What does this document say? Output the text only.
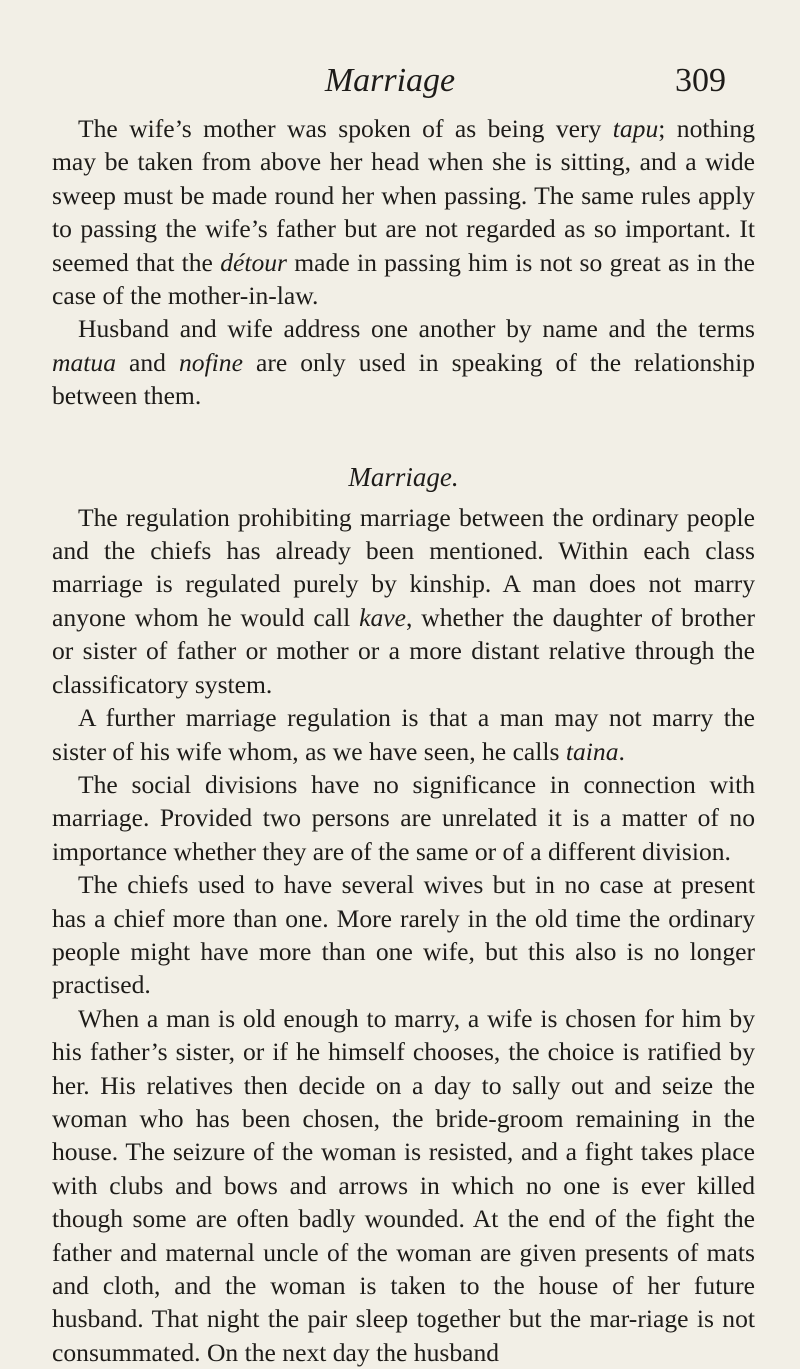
Marriage	309

The wife’s mother was spoken of as being very tapu; nothing may be taken from above her head when she is sitting, and a wide sweep must be made round her when passing. The same rules apply to passing the wife’s father but are not regarded as so important. It seemed that the détour made in passing him is not so great as in the case of the mother-in-law.

Husband and wife address one another by name and the terms matua and nofine are only used in speaking of the relationship between them.

Marriage.

The regulation prohibiting marriage between the ordinary people and the chiefs has already been mentioned. Within each class marriage is regulated purely by kinship. A man does not marry anyone whom he would call kave, whether the daughter of brother or sister of father or mother or a more distant relative through the classificatory system.

A further marriage regulation is that a man may not marry the sister of his wife whom, as we have seen, he calls taina.

The social divisions have no significance in connection with marriage. Provided two persons are unrelated it is a matter of no importance whether they are of the same or of a different division.

The chiefs used to have several wives but in no case at present has a chief more than one. More rarely in the old time the ordinary people might have more than one wife, but this also is no longer practised.

When a man is old enough to marry, a wife is chosen for him by his father’s sister, or if he himself chooses, the choice is ratified by her. His relatives then decide on a day to sally out and seize the woman who has been chosen, the bride-groom remaining in the house. The seizure of the woman is resisted, and a fight takes place with clubs and bows and arrows in which no one is ever killed though some are often badly wounded. At the end of the fight the father and maternal uncle of the woman are given presents of mats and cloth, and the woman is taken to the house of her future husband. That night the pair sleep together but the mar-riage is not consummated. On the next day the husband
